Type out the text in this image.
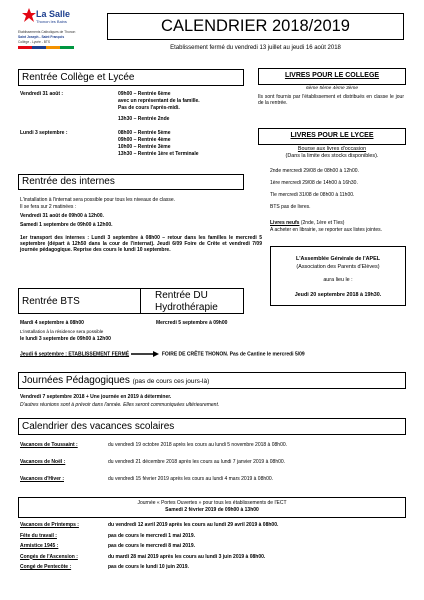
La Salle
Thonon les Bains
Etablissements Catholiques de Thonon
Saint Joseph - Saint François
Collège - Lycée - BTS
CALENDRIER 2018/2019
Etablissement fermé du vendredi 13 juillet au jeudi 16 août 2018
Rentrée Collège et Lycée
Vendredi 31 août :	09h00 – Rentrée 6ème
avec un représentant de la famille.
Pas de cours l'après-midi.
13h30 – Rentrée 2nde
Lundi 3 septembre :	08h00 – Rentrée 5ème
09h00 – Rentrée 4ème
10h00 – Rentrée 3ème
13h30 – Rentrée 1ère et Terminale
LIVRES POUR LE COLLEGE
6ème 5ème 4ème 3ème
Ils sont fournis par l'établissement et distribués en classe le jour de la rentrée.
LIVRES POUR LE LYCEE
Bourse aux livres d'occasion
(Dans la limite des stocks disponibles).
2nde mercredi 29/08 de 08h00 à 12h00.
1ère mercredi 29/08 de 14h00 à 16h30.
Tle mercredi 31/08 de 08h00 à 11h00.
BTS pas de livres.
Livres neufs (2nde, 1ère et Tles)
A acheter en librairie, se reporter aux listes jointes.
L'Assemblée Générale de l'APEL
(Association des Parents d'Elèves)
aura lieu le :
Jeudi 20 septembre 2018 à 19h30.
Rentrée des internes
L'installation à l'internat sera possible pour tous les niveaux de classe.
Il se fera sur 2 matinées :
Vendredi 31 août de 09h00 à 12h00.
Samedi 1 septembre de 09h00 à 12h00.
1er transport des internes : Lundi 3 septembre à 08h00 – retour dans les familles le mercredi 5 septembre (départ à 12h50 dans la cour de l'internat). Jeudi 6/09 Foire de Crête et vendredi 7/09 journée pédagogique. Reprise des cours le lundi 10 septembre.
Rentrée BTS
Rentrée DU Hydrothérapie
Mardi 4 septembre à 08h00
L'installation à la résidence sera possible
le lundi 3 septembre de 09h00 à 12h00
Mercredi 5 septembre à 09h00
Jeudi 6 septembre : ETABLISSEMENT FERMÉ	FOIRE DE CRÊTE THONON. Pas de Cantine le mercredi 5/09
Journées Pédagogiques (pas de cours ces jours-là)
Vendredi 7 septembre 2018 + Une journée en 2019 à déterminer.
D'autres réunions sont à prévoir dans l'année. Elles seront communiquées ultérieurement.
Calendrier des vacances scolaires
Vacances de Toussaint :	du vendredi 19 octobre 2018 après les cours au lundi 5 novembre 2018 à 08h00.
Vacances de Noël :	du vendredi 21 décembre 2018 après les cours au lundi 7 janvier 2019 à 08h00.
Vacances d'Hiver :	du vendredi 15 février 2019 après les cours au lundi 4 mars 2019 à 08h00.
Journée « Portes Ouvertes » pour tous les établissements de l'ECT
Samedi 2 février 2019 de 09h00 à 13h00
Vacances de Printemps :	du vendredi 12 avril 2019 après les cours au lundi 29 avril 2019 à 08h00.
Fête du travail :	pas de cours le mercredi 1 mai 2019.
Armistice 1945 :	pas de cours le mercredi 8 mai 2019.
Congés de l'Ascension :	du mardi 28 mai 2019 après les cours au lundi 3 juin 2019 à 08h00.
Congé de Pentecôte :	pas de cours le lundi 10 juin 2019.
